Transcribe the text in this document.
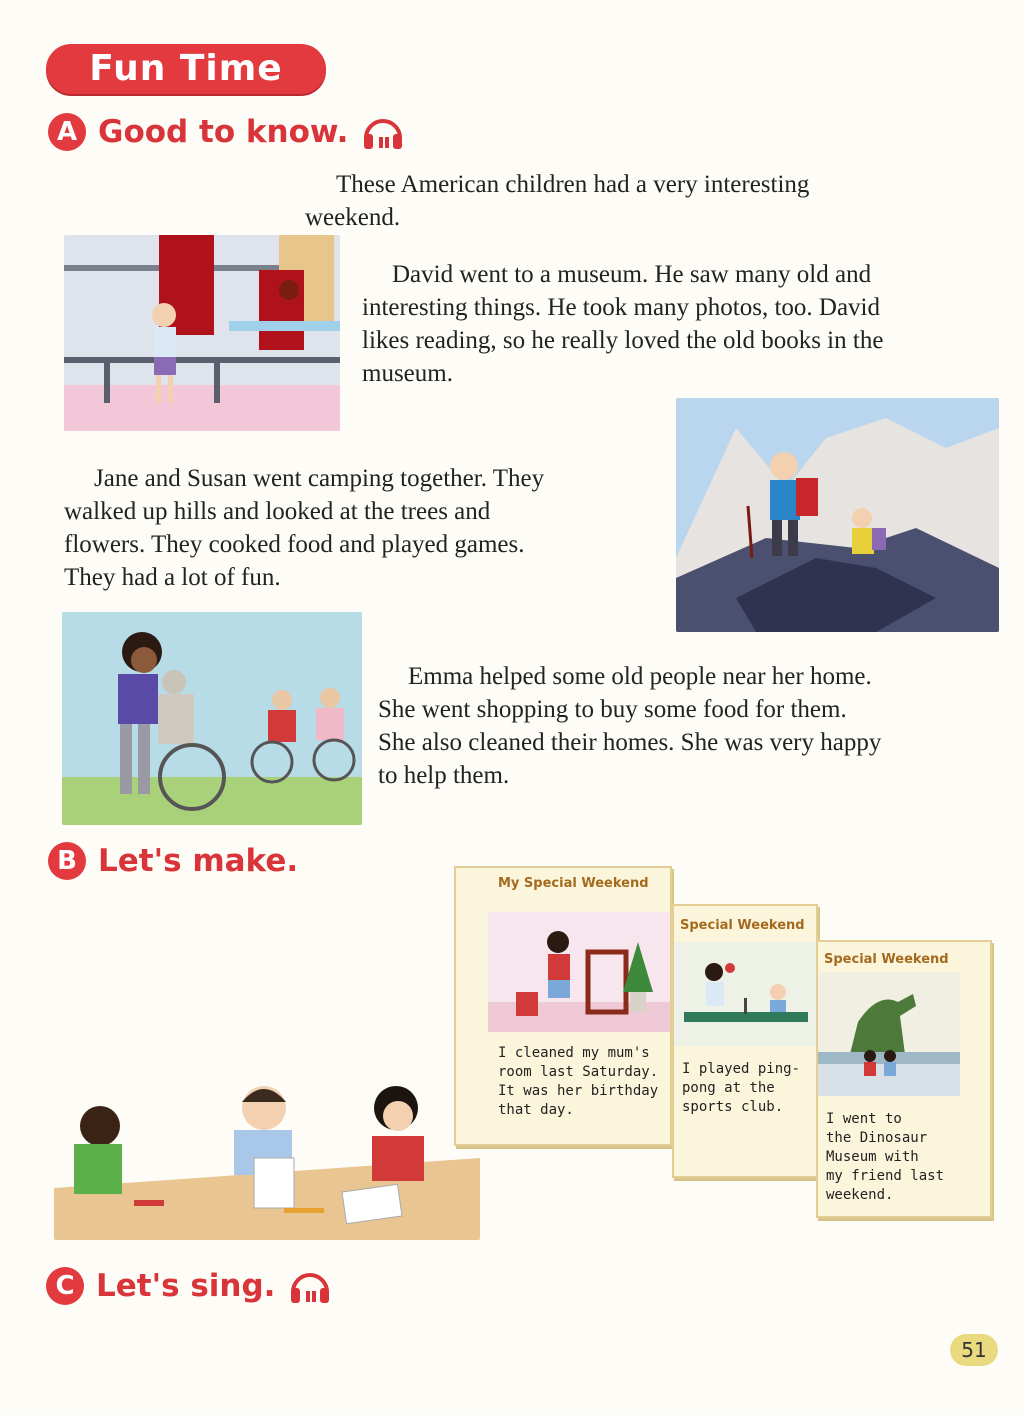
Fun Time
A Good to know.
These American children had a very interesting
weekend.
David went to a museum. He saw many old and
interesting things. He took many photos, too. David
likes reading, so he really loved the old books in the
museum.
Jane and Susan went camping together. They
walked up hills and looked at the trees and
flowers. They cooked food and played games.
They had a lot of fun.
Emma helped some old people near her home.
She went shopping to buy some food for them.
She also cleaned their homes. She was very happy
to help them.
B Let's make.
My Special Weekend
I cleaned my mum's
room last Saturday.
It was her birthday
that day.
Special Weekend
I played ping-
pong at the
sports club.
Special Weekend
I went to
the Dinosaur
Museum with
my friend last
weekend.
C Let's sing.
51
